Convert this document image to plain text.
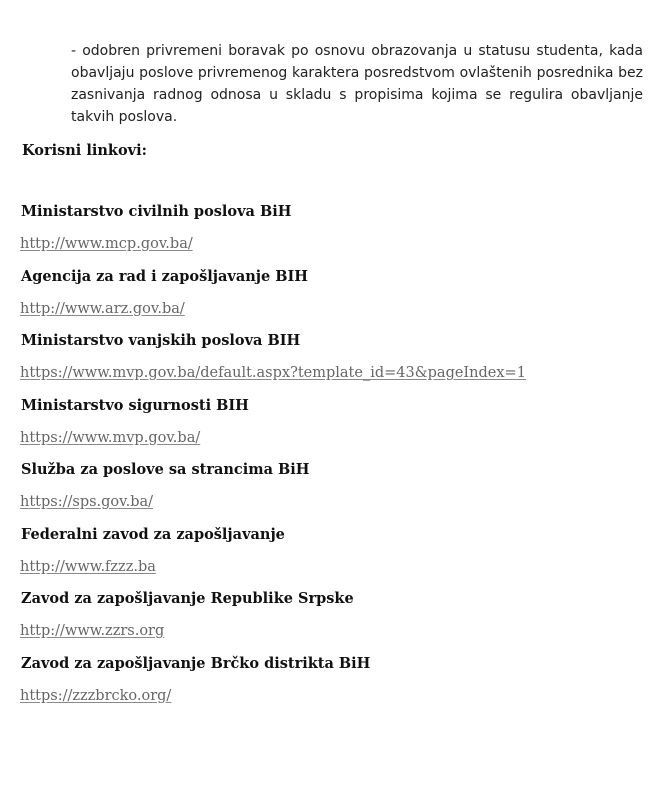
- odobren privremeni boravak po osnovu obrazovanja u statusu studenta, kada obavljaju poslove privremenog karaktera posredstvom ovlaštenih posrednika bez zasnivanja radnog odnosa u skladu s propisima kojima se regulira obavljanje takvih poslova.

Korisni linkovi:

Ministarstvo civilnih poslova BiH

http://www.mcp.gov.ba/

Agencija za rad i zapošljavanje BIH

http://www.arz.gov.ba/

Ministarstvo vanjskih poslova BIH

https://www.mvp.gov.ba/default.aspx?template_id=43&pageIndex=1

Ministarstvo sigurnosti BIH

https://www.mvp.gov.ba/

Služba za poslove sa strancima BiH

https://sps.gov.ba/

Federalni zavod za zapošljavanje

http://www.fzzz.ba

Zavod za zapošljavanje Republike Srpske

http://www.zzrs.org

Zavod za zapošljavanje Brčko distrikta BiH

https://zzzbrcko.org/
